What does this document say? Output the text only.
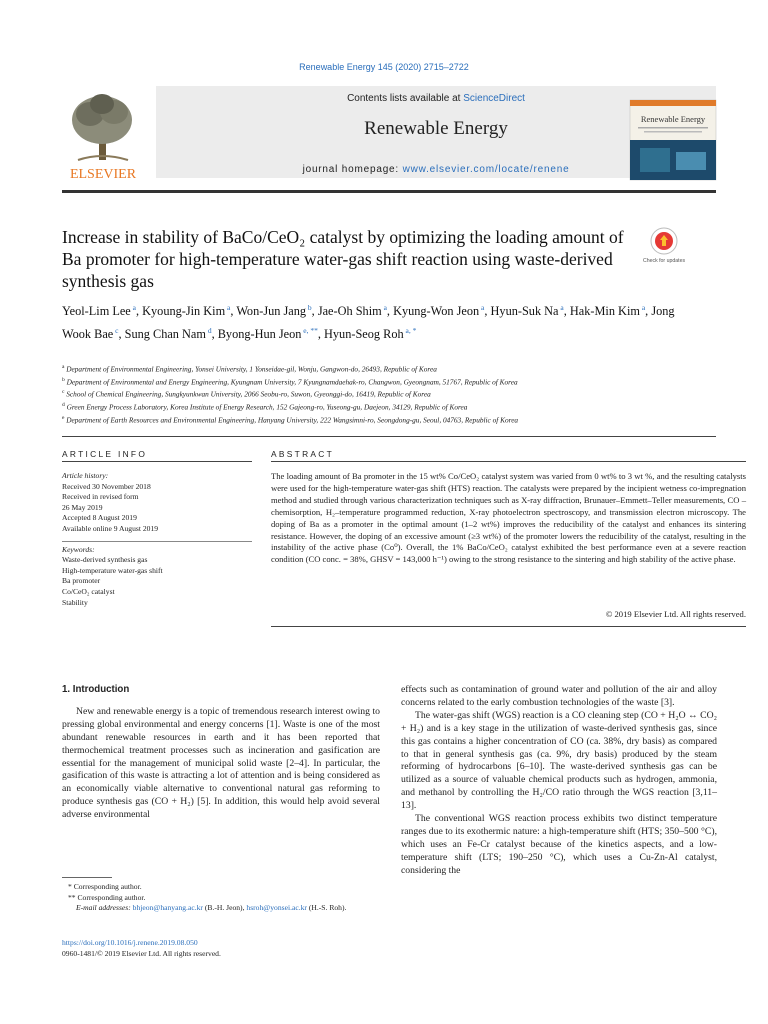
Renewable Energy 145 (2020) 2715–2722
ELSEVIER
Contents lists available at ScienceDirect
Renewable Energy
journal homepage: www.elsevier.com/locate/renene
Renewable Energy
Increase in stability of BaCo/CeO₂ catalyst by optimizing the loading amount of Ba promoter for high-temperature water-gas shift reaction using waste-derived synthesis gas
Check for updates
Yeol-Lim Lee $^a$, Kyoung-Jin Kim $^a$, Won-Jun Jang $^b$, Jae-Oh Shim $^a$, Kyung-Won Jeon $^a$, Hyun-Suk Na $^a$, Hak-Min Kim $^a$, Jong Wook Bae $^c$, Sung Chan Nam $^d$, Byong-Hun Jeon $^{e, **}$, Hyun-Seog Roh $^{a, *}$
$^a$ Department of Environmental Engineering, Yonsei University, 1 Yonseidae-gil, Wonju, Gangwon-do, 26493, Republic of Korea
$^b$ Department of Environmental and Energy Engineering, Kyungnam University, 7 Kyungnamdaehak-ro, Changwon, Gyeongnam, 51767, Republic of Korea
$^c$ School of Chemical Engineering, Sungkyunkwan University, 2066 Seobu-ro, Suwon, Gyeonggi-do, 16419, Republic of Korea
$^d$ Green Energy Process Laboratory, Korea Institute of Energy Research, 152 Gajeong-ro, Yuseong-gu, Daejeon, 34129, Republic of Korea
$^e$ Department of Earth Resources and Environmental Engineering, Hanyang University, 222 Wangsimni-ro, Seongdong-gu, Seoul, 04763, Republic of Korea
ARTICLE INFO	ABSTRACT
Article history:
Received 30 November 2018
Received in revised form
26 May 2019
Accepted 8 August 2019
Available online 9 August 2019
Keywords:
Waste-derived synthesis gas
High-temperature water-gas shift
Ba promoter
Co/CeO₂ catalyst
Stability
The loading amount of Ba promoter in the 15 wt% Co/CeO₂ catalyst system was varied from 0 wt% to 3 wt %, and the resulting catalysts were used for the high-temperature water-gas shift (HTS) reaction. The catalysts were prepared by the incipient wetness co-impregnation method and studied through various characterization techniques such as X-ray diffraction, Brunauer–Emmett–Teller measurements, CO –chemisorption, H₂–temperature programmed reduction, X-ray photoelectron spectroscopy, and transmission electron microscopy. The doping of Ba as a promoter in the optimal amount (1–2 wt%) improves the reducibility of the catalyst and enhances its sintering resistance. However, the doping of an excessive amount (≥3 wt%) of the promoter lowers the reducibility of the catalyst, resulting in the instability of the active phase (Co⁰). Overall, the 1% BaCo/CeO₂ catalyst exhibited the best performance even at a severe reaction condition (CO conc. = 38%, GHSV = 143,000 h⁻¹) owing to the strong resistance to the sintering and high stability of the active phase.
© 2019 Elsevier Ltd. All rights reserved.
1. Introduction

New and renewable energy is a topic of tremendous research interest owing to pressing global environmental and energy concerns [1]. Waste is one of the most abundant renewable resources in earth and it has been reported that thermochemical treatment processes such as incineration and gasification are essential for the management of municipal solid waste [2–4]. In particular, the gasification of this waste is attracting a lot of attention and is being considered as an economically viable alternative to conventional natural gas reforming to produce synthesis gas (CO + H₂) [5]. In addition, this would help avoid several adverse environmental

effects such as contamination of ground water and pollution of the air and alloy concerns related to the early combustion technologies of the waste [3].

The water-gas shift (WGS) reaction is a CO cleaning step (CO + H₂O ↔ CO₂ + H₂) and is a key stage in the utilization of waste-derived synthesis gas, since this gas contains a higher concentration of CO (ca. 38%, dry basis) as compared to that in general synthesis gas (ca. 9%, dry basis) produced by the steam reforming of hydrocarbons [6–10]. The waste-derived synthesis gas can be utilized as a source of valuable chemical products such as hydrogen, ammonia, and methanol by controlling the H₂/CO ratio through the WGS reaction [3,11–13].

The conventional WGS reaction process exhibits two distinct temperature ranges due to its exothermic nature: a high-temperature shift (HTS; 350–500 °C), which uses an Fe-Cr catalyst because of the kinetics aspects, and a low-temperature shift (LTS; 190–250 °C), which uses a Cu-Zn-Al catalyst, considering the

* Corresponding author.
** Corresponding author.
E-mail addresses: bhjeon@hanyang.ac.kr (B.-H. Jeon), hsroh@yonsei.ac.kr (H.-S. Roh).
https://doi.org/10.1016/j.renene.2019.08.050
0960-1481/© 2019 Elsevier Ltd. All rights reserved.
